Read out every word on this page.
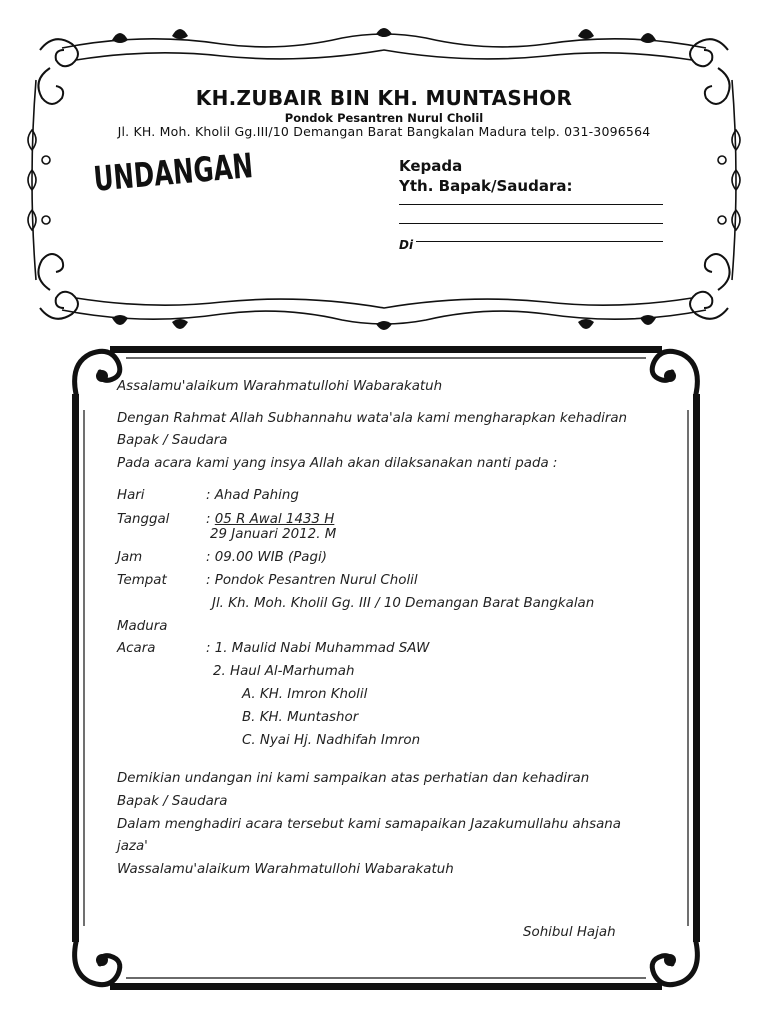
KH.ZUBAIR BIN KH. MUNTASHOR
Pondok Pesantren Nurul Cholil
Jl. KH. Moh. Kholil Gg.III/10 Demangan Barat Bangkalan Madura telp. 031-3096564
UNDANGAN	Kepada
Yth. Bapak/Saudara:
Di
Assalamu'alaikum Warahmatullohi Wabarakatuh
Dengan Rahmat Allah Subhannahu wata'ala kami mengharapkan kehadiran
Bapak / Saudara
Pada acara kami yang insya Allah akan dilaksanakan nanti pada :
Hari	: Ahad Pahing
Tanggal	: 05 R Awal 1433 H
29 Januari 2012. M
Jam	: 09.00 WIB (Pagi)
Tempat	: Pondok Pesantren Nurul Cholil
Jl. Kh. Moh. Kholil Gg. III / 10 Demangan Barat Bangkalan
Madura
Acara	: 1. Maulid Nabi Muhammad SAW
2. Haul Al-Marhumah
A. KH. Imron Kholil
B. KH. Muntashor
C. Nyai Hj. Nadhifah Imron
Demikian undangan ini kami sampaikan atas perhatian dan kehadiran
Bapak / Saudara
Dalam menghadiri acara tersebut kami samapaikan Jazakumullahu ahsana
jaza'
Wassalamu'alaikum Warahmatullohi Wabarakatuh
Sohibul Hajah
